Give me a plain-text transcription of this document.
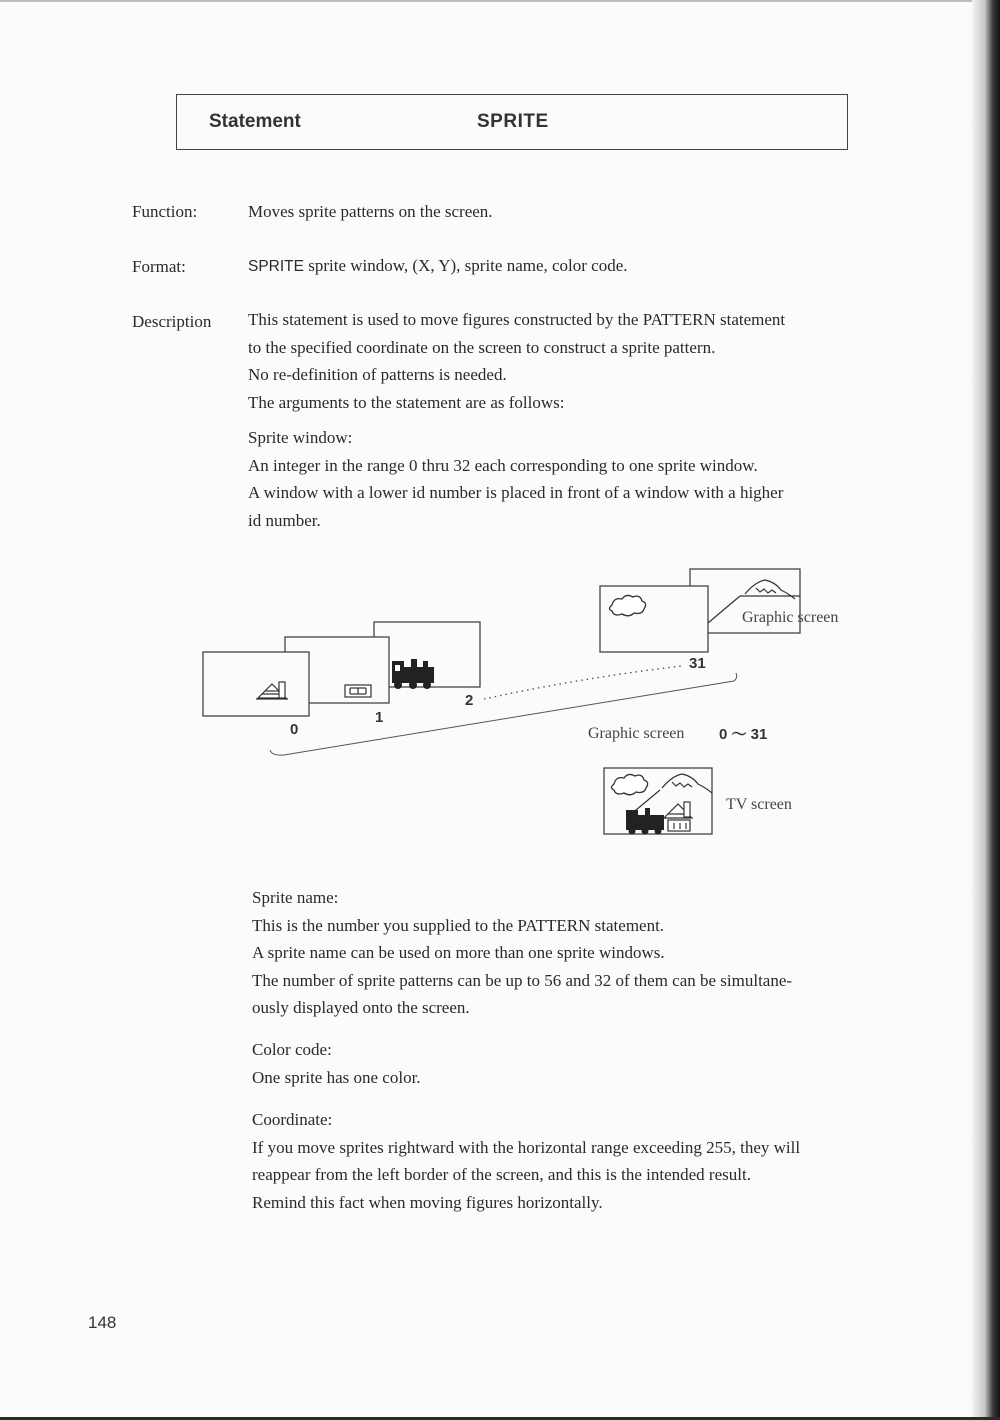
Statement	SPRITE
Function:	Moves sprite patterns on the screen.
Format:	SPRITE sprite window, (X, Y), sprite name, color code.
Description This statement is used to move figures constructed by the PATTERN statement
to the specified coordinate on the screen to construct a sprite pattern.
No re-definition of patterns is needed.
The arguments to the statement are as follows:
Sprite window:
An integer in the range 0 thru 32 each corresponding to one sprite window.
A window with a lower id number is placed in front of a window with a higher
id number.
0
1
2
31
Graphic screen
Graphic screen
TV screen
0 ～ 31
Sprite name:
This is the number you supplied to the PATTERN statement.
A sprite name can be used on more than one sprite windows.
The number of sprite patterns can be up to 56 and 32 of them can be simultane-
ously displayed onto the screen.
Color code:
One sprite has one color.
Coordinate:
If you move sprites rightward with the horizontal range exceeding 255, they will
reappear from the left border of the screen, and this is the intended result.
Remind this fact when moving figures horizontally.
148
